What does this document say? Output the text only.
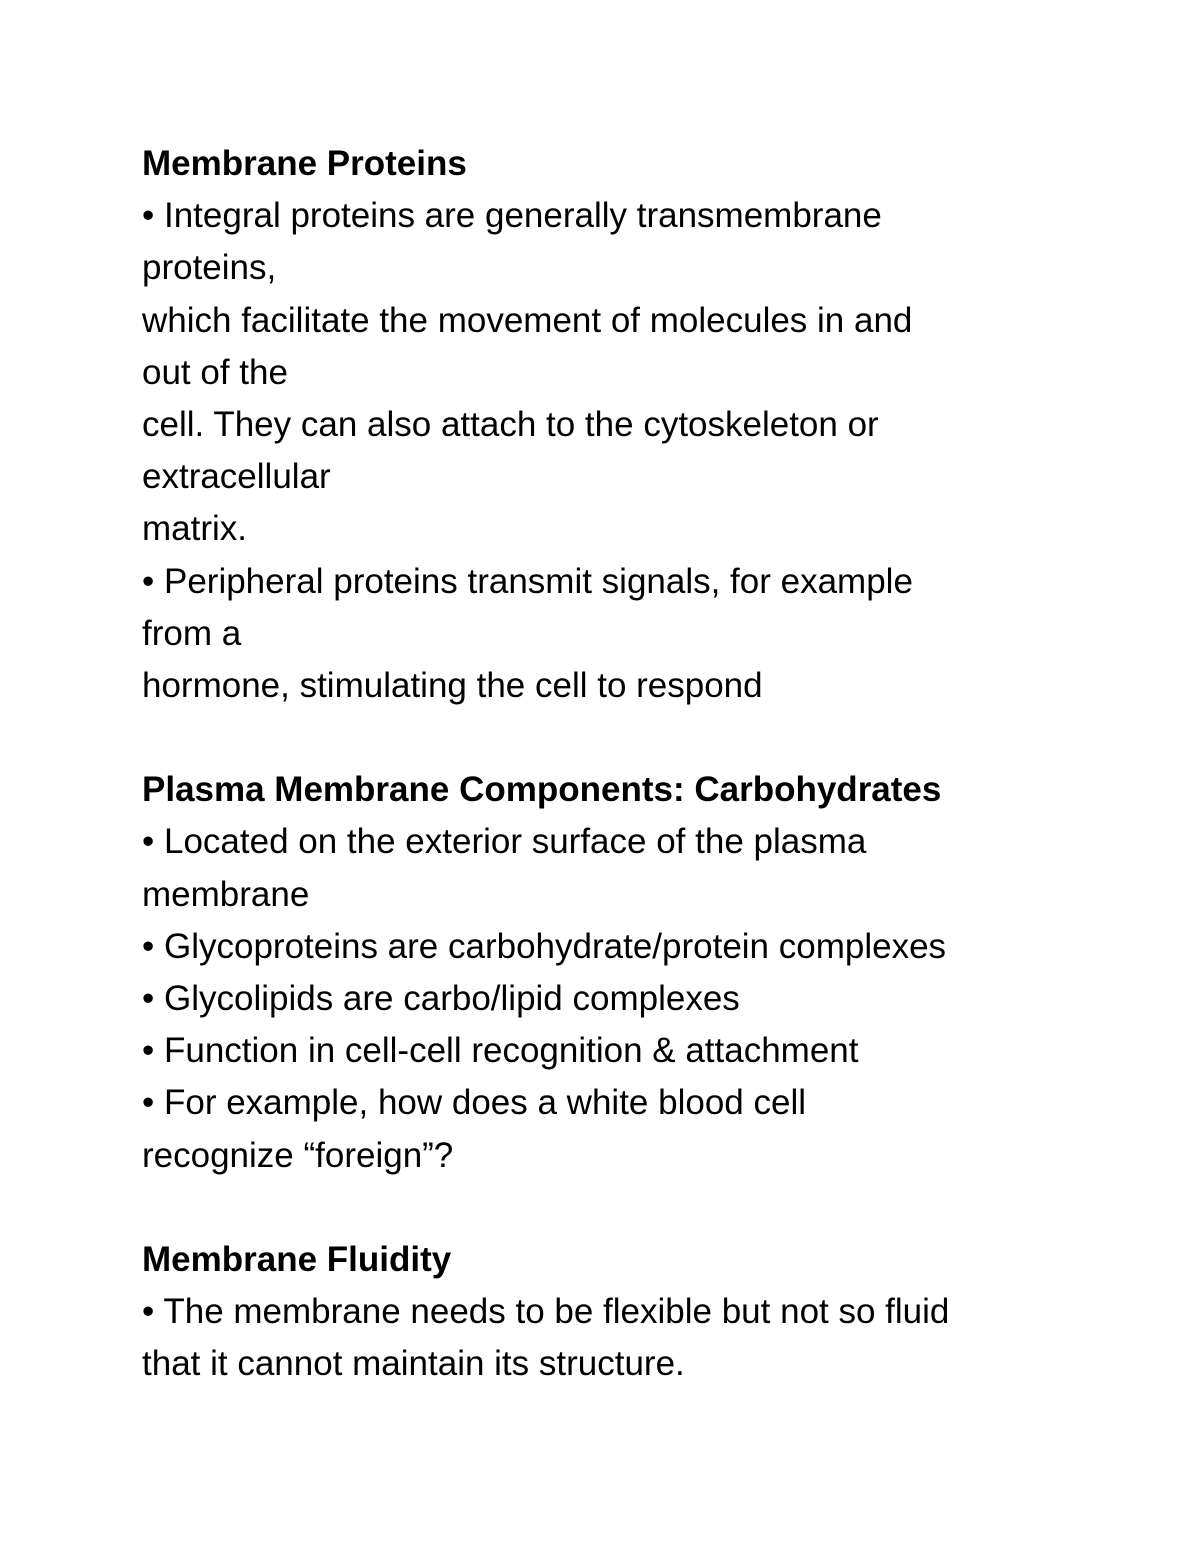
Membrane Proteins
• Integral proteins are generally transmembrane
proteins,
which facilitate the movement of molecules in and
out of the
cell. They can also attach to the cytoskeleton or
extracellular
matrix.
• Peripheral proteins transmit signals, for example
from a
hormone, stimulating the cell to respond
Plasma Membrane Components: Carbohydrates
• Located on the exterior surface of the plasma
membrane
• Glycoproteins are carbohydrate/protein complexes
• Glycolipids are carbo/lipid complexes
• Function in cell-cell recognition & attachment
• For example, how does a white blood cell
recognize “foreign”?
Membrane Fluidity
• The membrane needs to be flexible but not so fluid
that it cannot maintain its structure.
